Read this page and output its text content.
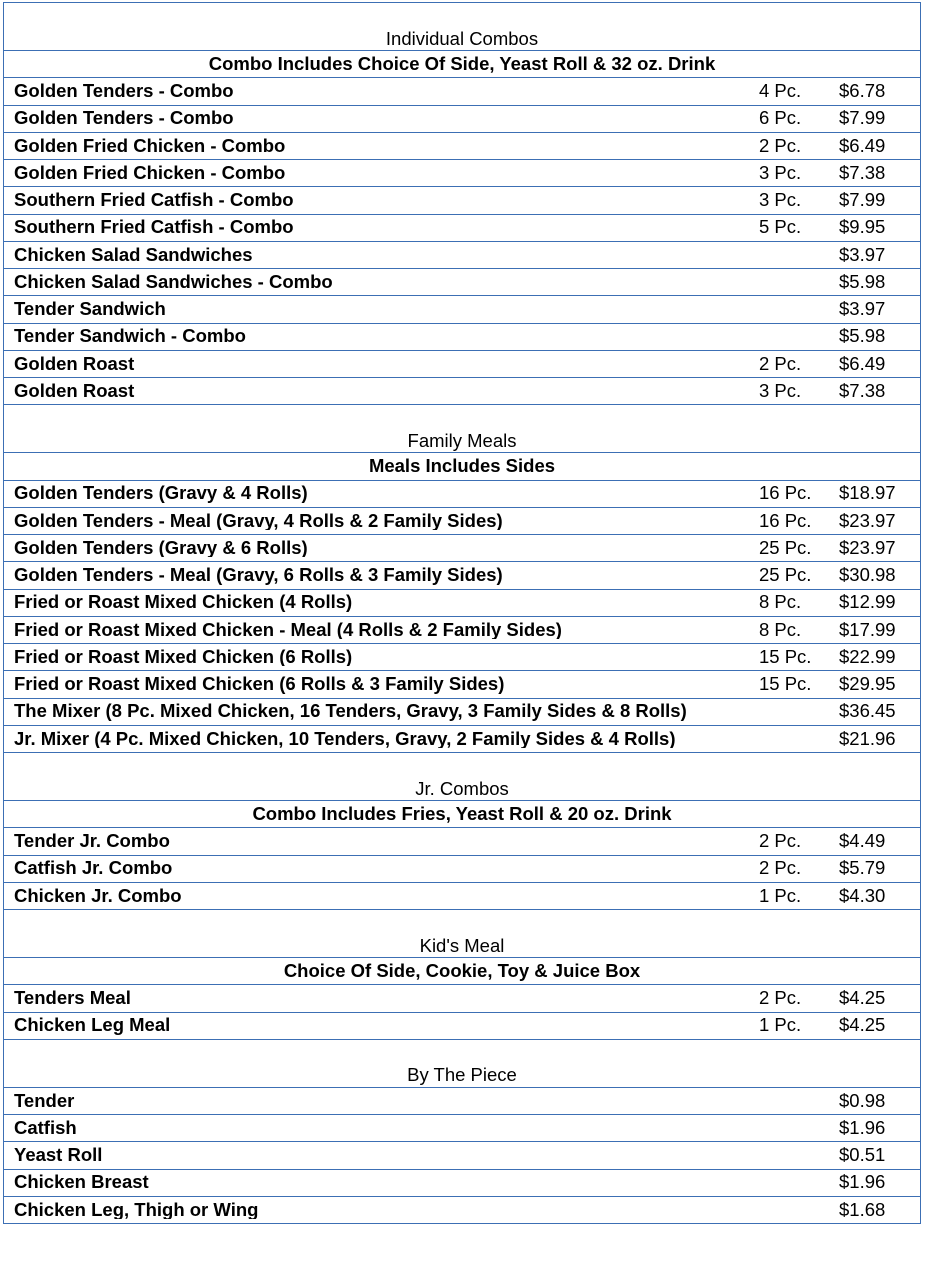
Individual Combos
Combo Includes Choice Of Side, Yeast Roll & 32 oz. Drink
Golden Tenders - Combo	4 Pc.	$6.78
Golden Tenders - Combo	6 Pc.	$7.99
Golden Fried Chicken - Combo	2 Pc.	$6.49
Golden Fried Chicken - Combo	3 Pc.	$7.38
Southern Fried Catfish - Combo	3 Pc.	$7.99
Southern Fried Catfish - Combo	5 Pc.	$9.95
Chicken Salad Sandwiches	$3.97
Chicken Salad Sandwiches - Combo	$5.98
Tender Sandwich	$3.97
Tender Sandwich - Combo	$5.98
Golden Roast	2 Pc.	$6.49
Golden Roast	3 Pc.	$7.38
Family Meals
Meals Includes Sides
Golden Tenders (Gravy & 4 Rolls)	16 Pc.	$18.97
Golden Tenders - Meal (Gravy, 4 Rolls & 2 Family Sides)	16 Pc.	$23.97
Golden Tenders (Gravy & 6 Rolls)	25 Pc.	$23.97
Golden Tenders - Meal (Gravy, 6 Rolls & 3 Family Sides)	25 Pc.	$30.98
Fried or Roast Mixed Chicken (4 Rolls)	8 Pc.	$12.99
Fried or Roast Mixed Chicken - Meal (4 Rolls & 2 Family Sides)	8 Pc.	$17.99
Fried or Roast Mixed Chicken (6 Rolls)	15 Pc.	$22.99
Fried or Roast Mixed Chicken (6 Rolls & 3 Family Sides)	15 Pc.	$29.95
The Mixer (8 Pc. Mixed Chicken, 16 Tenders, Gravy, 3 Family Sides & 8 Rolls)	$36.45
Jr. Mixer (4 Pc. Mixed Chicken, 10 Tenders, Gravy, 2 Family Sides & 4 Rolls)	$21.96
Jr. Combos
Combo Includes Fries, Yeast Roll & 20 oz. Drink
Tender Jr. Combo	2 Pc.	$4.49
Catfish Jr. Combo	2 Pc.	$5.79
Chicken Jr. Combo	1 Pc.	$4.30
Kid's Meal
Choice Of Side, Cookie, Toy & Juice Box
Tenders Meal	2 Pc.	$4.25
Chicken Leg Meal	1 Pc.	$4.25
By The Piece
Tender	$0.98
Catfish	$1.96
Yeast Roll	$0.51
Chicken Breast	$1.96
Chicken Leg, Thigh or Wing	$1.68
